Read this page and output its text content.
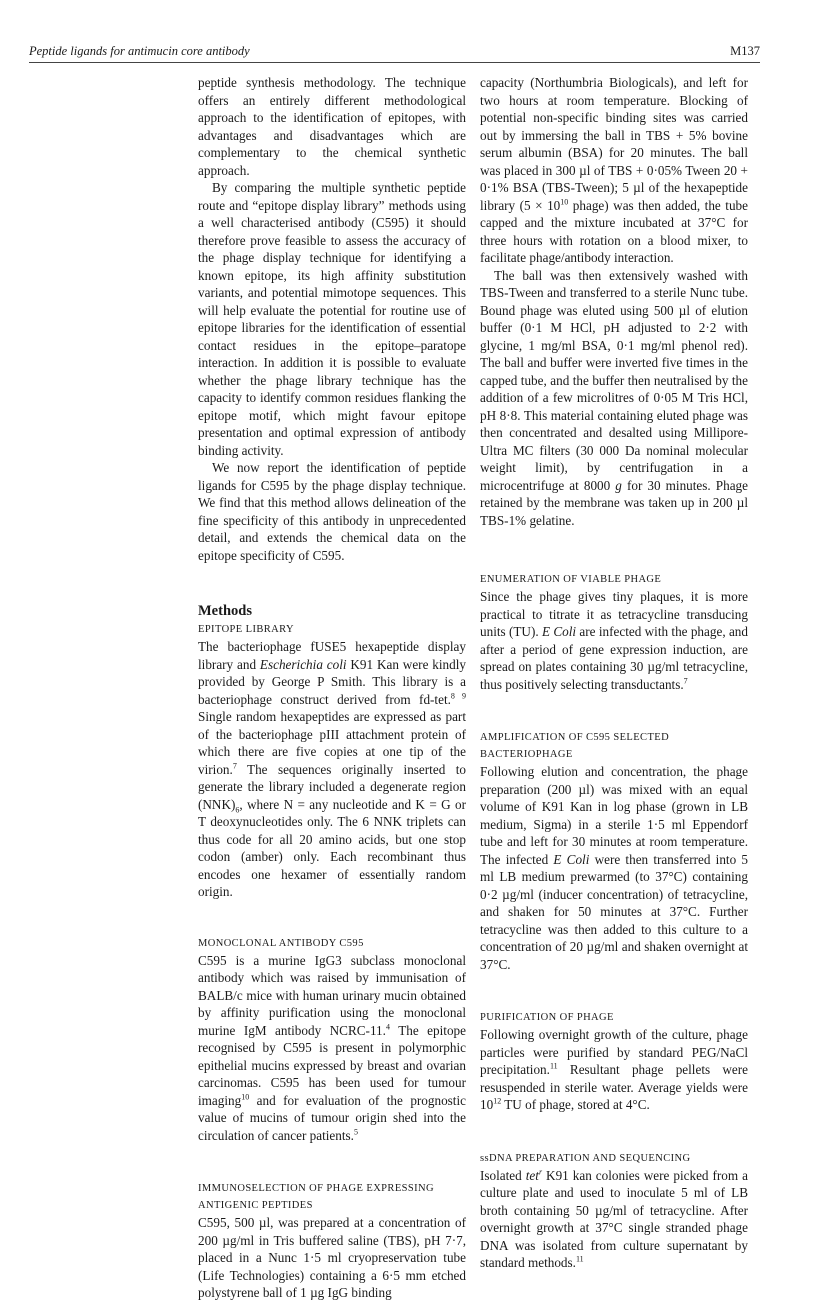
Peptide ligands for antimucin core antibody	M137

peptide synthesis methodology. The technique offers an entirely different methodological approach to the identification of epitopes, with advantages and disadvantages which are complementary to the chemical synthetic approach.

By comparing the multiple synthetic peptide route and “epitope display library” methods using a well characterised antibody (C595) it should therefore prove feasible to assess the accuracy of the phage display technique for identifying a known epitope, its high affinity substitution variants, and potential mimotope sequences. This will help evaluate the potential for routine use of epitope libraries for the identification of essential contact residues in the epitope–paratope interaction. In addition it is possible to evaluate whether the phage library technique has the capacity to identify common residues flanking the epitope motif, which might favour epitope presentation and optimal expression of antibody binding activity.

We now report the identification of peptide ligands for C595 by the phage display technique. We find that this method allows delineation of the fine specificity of this antibody in unprecedented detail, and extends the chemical data on the epitope specificity of C595.

Methods
EPITOPE LIBRARY

The bacteriophage fUSE5 hexapeptide display library and Escherichia coli K91 Kan were kindly provided by George P Smith. This library is a bacteriophage construct derived from fd-tet.$^{8 9}$ Single random hexapeptides are expressed as part of the bacteriophage pIII attachment protein of which there are five copies at one tip of the virion.$^7$ The sequences originally inserted to generate the library included a degenerate region $(NNK)_6$, where N = any nucleotide and K = G or T deoxynucleotides only. The 6 NNK triplets can thus code for all 20 amino acids, but one stop codon (amber) only. Each recombinant thus encodes one hexamer of essentially random origin.

MONOCLONAL ANTIBODY C595

C595 is a murine IgG3 subclass monoclonal antibody which was raised by immunisation of BALB/c mice with human urinary mucin obtained by affinity purification using the monoclonal murine IgM antibody NCRC-11.$^4$ The epitope recognised by C595 is present in polymorphic epithelial mucins expressed by breast and ovarian carcinomas. C595 has been used for tumour imaging$^{10}$ and for evaluation of the prognostic value of mucins of tumour origin shed into the circulation of cancer patients.$^5$

IMMUNOSELECTION OF PHAGE EXPRESSING
ANTIGENIC PEPTIDES

C595, 500 µl, was prepared at a concentration of 200 µg/ml in Tris buffered saline (TBS), pH 7·7, placed in a Nunc 1·5 ml cryopreservation tube (Life Technologies) containing a 6·5 mm etched polystyrene ball of 1 µg IgG binding

capacity (Northumbria Biologicals), and left for two hours at room temperature. Blocking of potential non-specific binding sites was carried out by immersing the ball in TBS + 5% bovine serum albumin (BSA) for 20 minutes. The ball was placed in 300 µl of TBS + 0·05% Tween 20 + 0·1% BSA (TBS-Tween); 5 µl of the hexapeptide library ($5 \times 10^{10}$ phage) was then added, the tube capped and the mixture incubated at 37°C for three hours with rotation on a blood mixer, to facilitate phage/antibody interaction.

The ball was then extensively washed with TBS-Tween and transferred to a sterile Nunc tube. Bound phage was eluted using 500 µl of elution buffer (0·1 M HCl, pH adjusted to 2·2 with glycine, 1 mg/ml BSA, 0·1 mg/ml phenol red). The ball and buffer were inverted five times in the capped tube, and the buffer then neutralised by the addition of a few microlitres of 0·05 M Tris HCl, pH 8·8. This material containing eluted phage was then concentrated and desalted using Millipore-Ultra MC filters (30 000 Da nominal molecular weight limit), by centrifugation in a microcentrifuge at 8000 g for 30 minutes. Phage retained by the membrane was taken up in 200 µl TBS-1% gelatine.

ENUMERATION OF VIABLE PHAGE

Since the phage gives tiny plaques, it is more practical to titrate it as tetracycline transducing units (TU). E Coli are infected with the phage, and after a period of gene expression induction, are spread on plates containing 30 µg/ml tetracycline, thus positively selecting transductants.$^7$

AMPLIFICATION OF C595 SELECTED
BACTERIOPHAGE

Following elution and concentration, the phage preparation (200 µl) was mixed with an equal volume of K91 Kan in log phase (grown in LB medium, Sigma) in a sterile 1·5 ml Eppendorf tube and left for 30 minutes at room temperature. The infected E Coli were then transferred into 5 ml LB medium prewarmed (to 37°C) containing 0·2 µg/ml (inducer concentration) of tetracycline, and shaken for 50 minutes at 37°C. Further tetracycline was then added to this culture to a concentration of 20 µg/ml and shaken overnight at 37°C.

PURIFICATION OF PHAGE

Following overnight growth of the culture, phage particles were purified by standard PEG/NaCl precipitation.$^{11}$ Resultant phage pellets were resuspended in sterile water. Average yields were $10^{12}$ TU of phage, stored at 4°C.

ssDNA PREPARATION AND SEQUENCING

Isolated tet$^r$ K91 kan colonies were picked from a culture plate and used to inoculate 5 ml of LB broth containing 50 µg/ml of tetracycline. After overnight growth at 37°C single stranded phage DNA was isolated from culture supernatant by standard methods.$^{11}$
